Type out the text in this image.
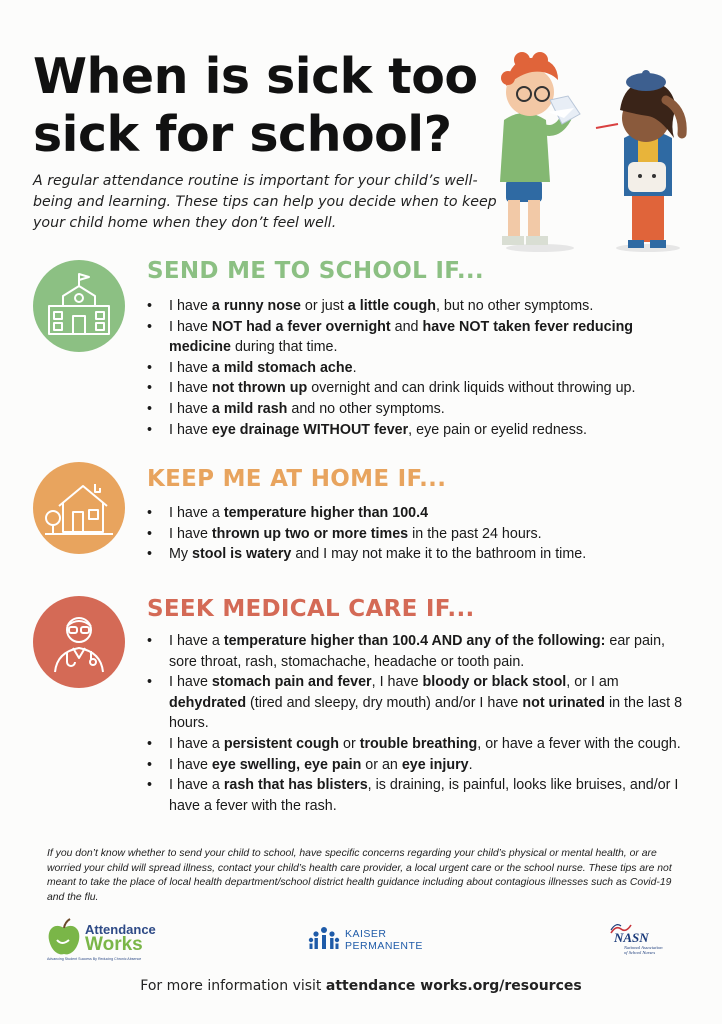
When is sick too sick for school?

A regular attendance routine is important for your child’s well-being and learning. These tips can help you decide when to keep your child home when they don’t feel well.

SEND ME TO SCHOOL IF...
• I have a runny nose or just a little cough, but no other symptoms.
• I have NOT had a fever overnight and have NOT taken fever reducing medicine during that time.
• I have a mild stomach ache.
• I have not thrown up overnight and can drink liquids without throwing up.
• I have a mild rash and no other symptoms.
• I have eye drainage WITHOUT fever, eye pain or eyelid redness.
KEEP ME AT HOME IF...
• I have a temperature higher than 100.4
• I have thrown up two or more times in the past 24 hours.
• My stool is watery and I may not make it to the bathroom in time.
SEEK MEDICAL CARE IF...
• I have a temperature higher than 100.4 AND any of the following: ear pain, sore throat, rash, stomachache, headache or tooth pain.
• I have stomach pain and fever, I have bloody or black stool, or I am dehydrated (tired and sleepy, dry mouth) and/or I have not urinated in the last 8 hours.
• I have a persistent cough or trouble breathing, or have a fever with the cough.
• I have eye swelling, eye pain or an eye injury.
• I have a rash that has blisters, is draining, is painful, looks like bruises, and/or I have a fever with the rash.

If you don’t know whether to send your child to school, have specific concerns regarding your child’s physical or mental health, or are worried your child will spread illness, contact your child’s health care provider, a local urgent care or the school nurse. These tips are not meant to take the place of local health department/school district health guidance including about contagious illnesses such as Covid-19 and the flu.

Attendance
Works
Advancing Student Success By Reducing Chronic Absence
KAISER
PERMANENTE
NASN
National Association of School Nurses
For more information visit attendance works.org/resources
